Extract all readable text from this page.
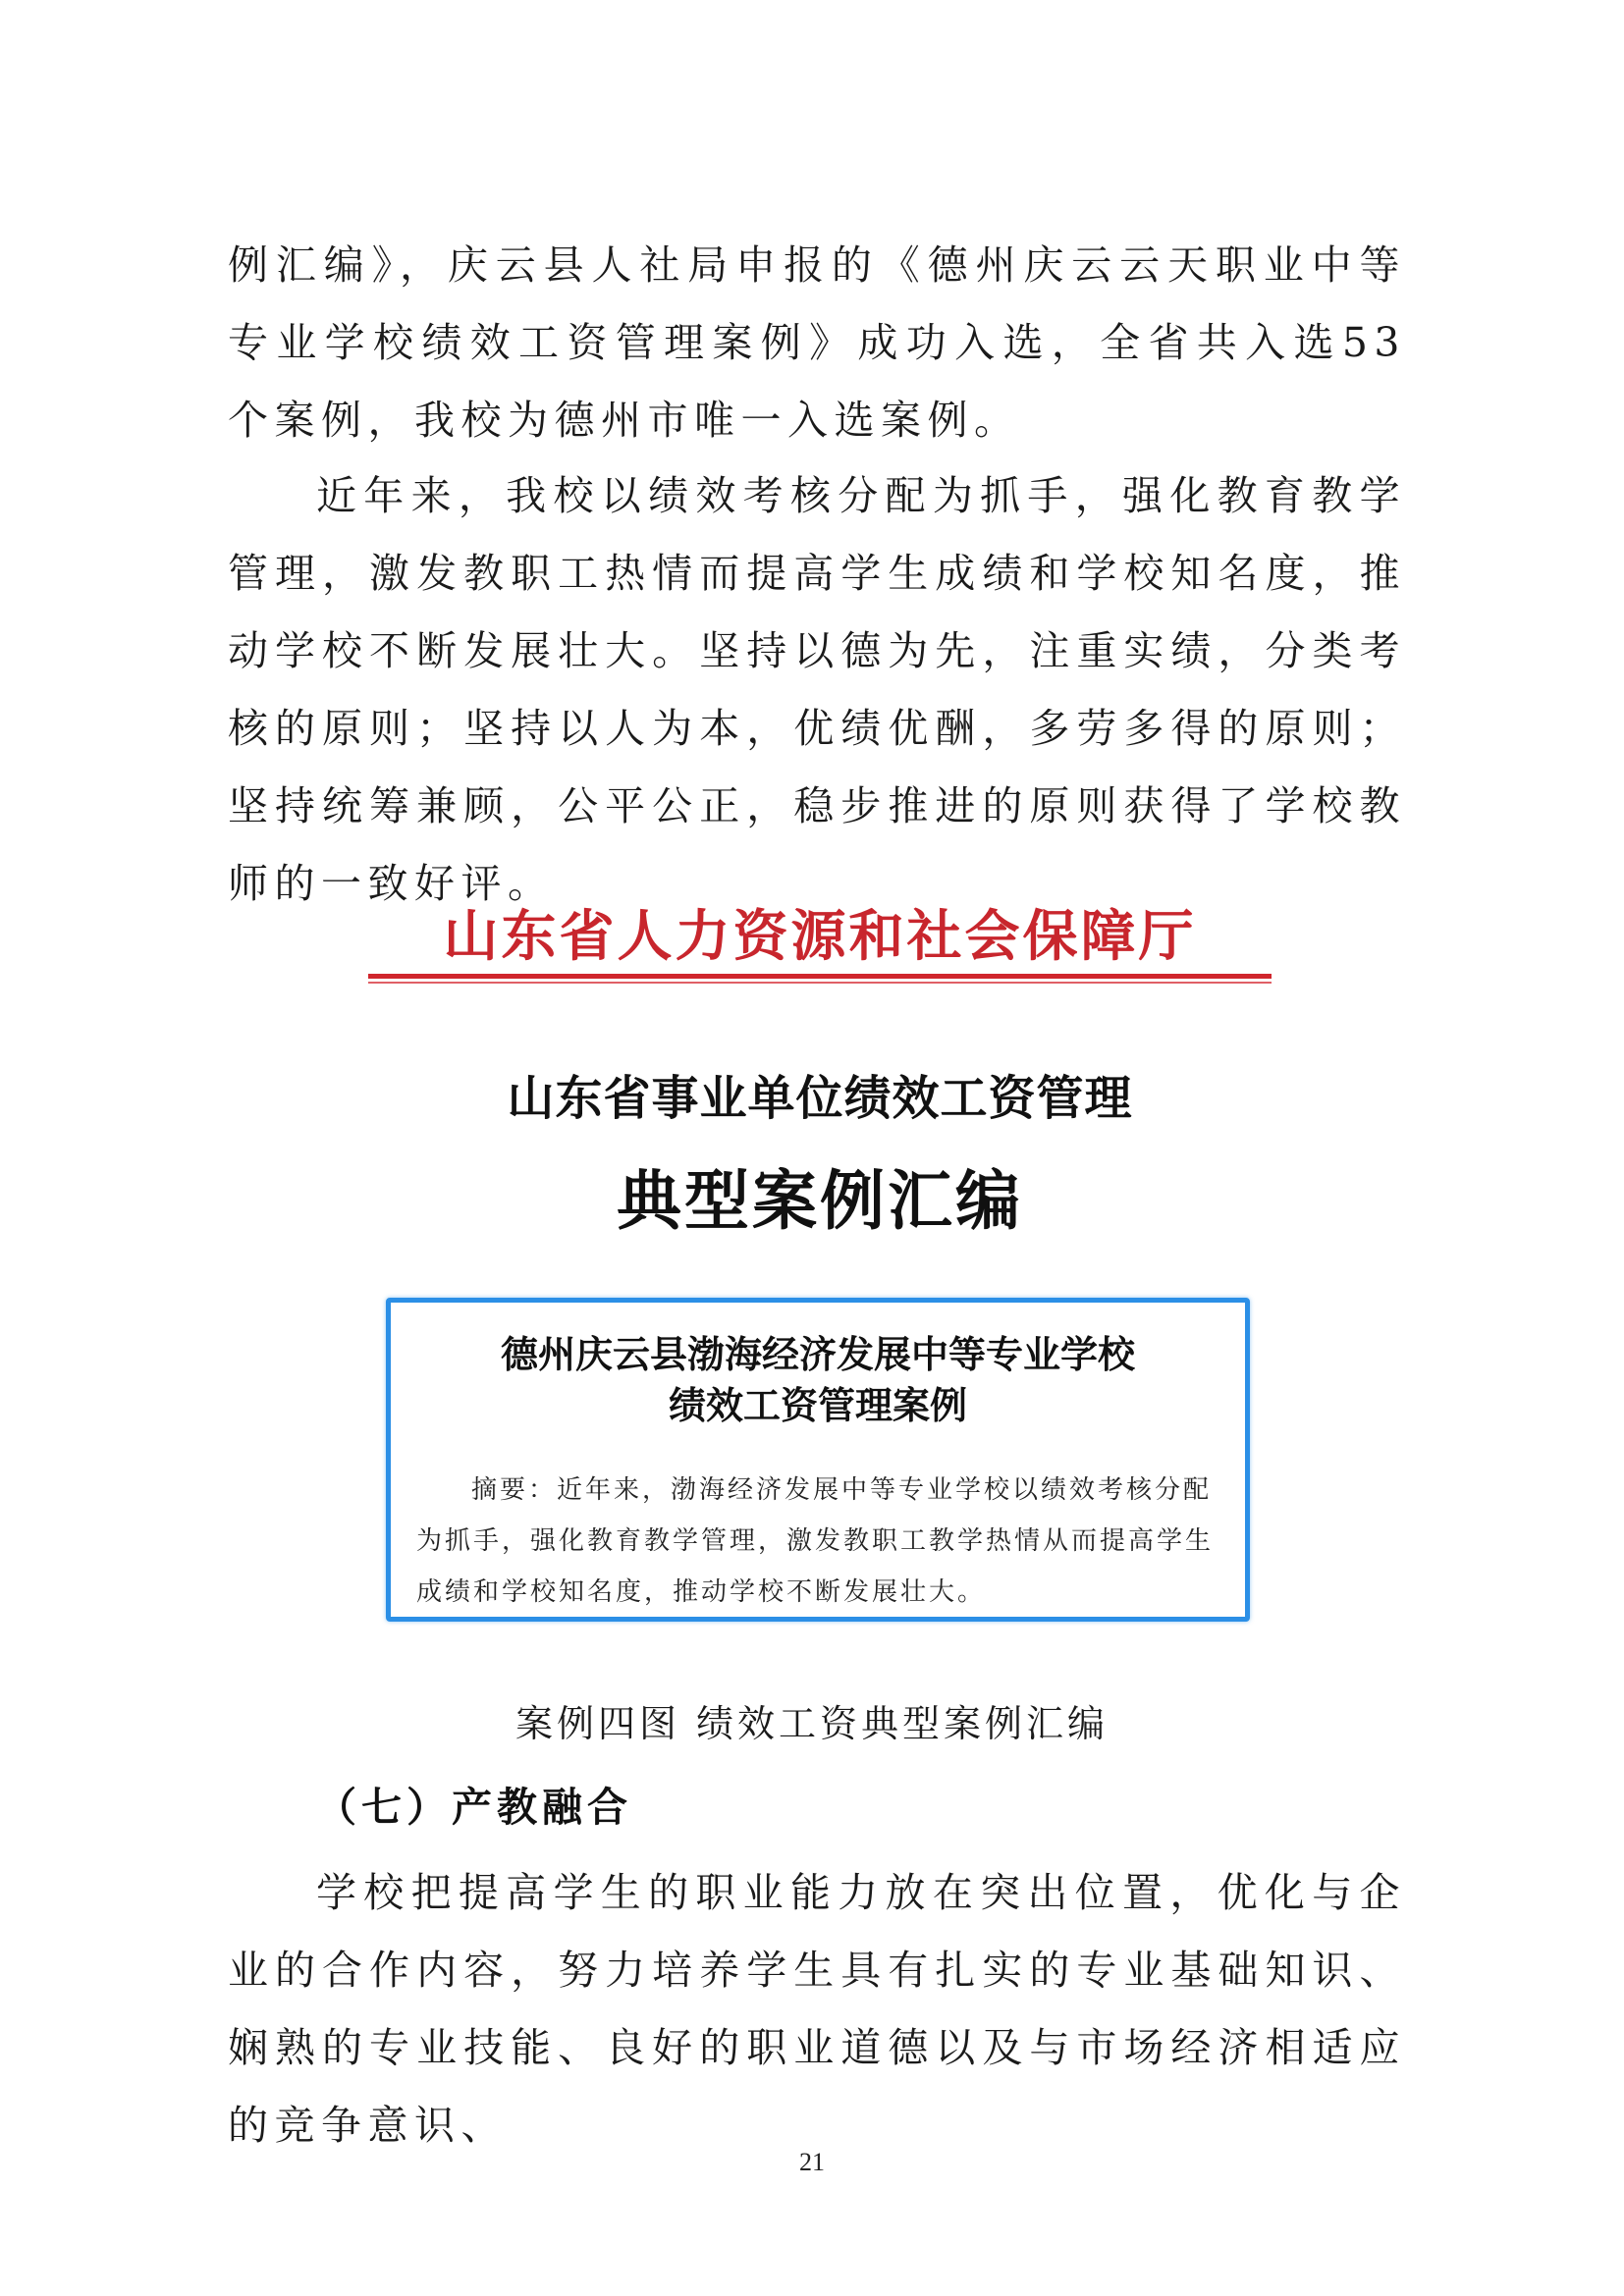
例汇编》，庆云县人社局申报的《德州庆云云天职业中等专业学校绩效工资管理案例》成功入选，全省共入选53个案例，我校为德州市唯一入选案例。

近年来，我校以绩效考核分配为抓手，强化教育教学管理，激发教职工热情而提高学生成绩和学校知名度，推动学校不断发展壮大。坚持以德为先，注重实绩，分类考核的原则；坚持以人为本，优绩优酬，多劳多得的原则；坚持统筹兼顾，公平公正，稳步推进的原则获得了学校教师的一致好评。

山东省人力资源和社会保障厅
山东省事业单位绩效工资管理
典型案例汇编
德州庆云县渤海经济发展中等专业学校
绩效工资管理案例

摘要：近年来，渤海经济发展中等专业学校以绩效考核分配为抓手，强化教育教学管理，激发教职工教学热情从而提高学生成绩和学校知名度，推动学校不断发展壮大。

案例四图 绩效工资典型案例汇编
（七）产教融合

学校把提高学生的职业能力放在突出位置，优化与企业的合作内容，努力培养学生具有扎实的专业基础知识、娴熟的专业技能、良好的职业道德以及与市场经济相适应的竞争意识、

21
